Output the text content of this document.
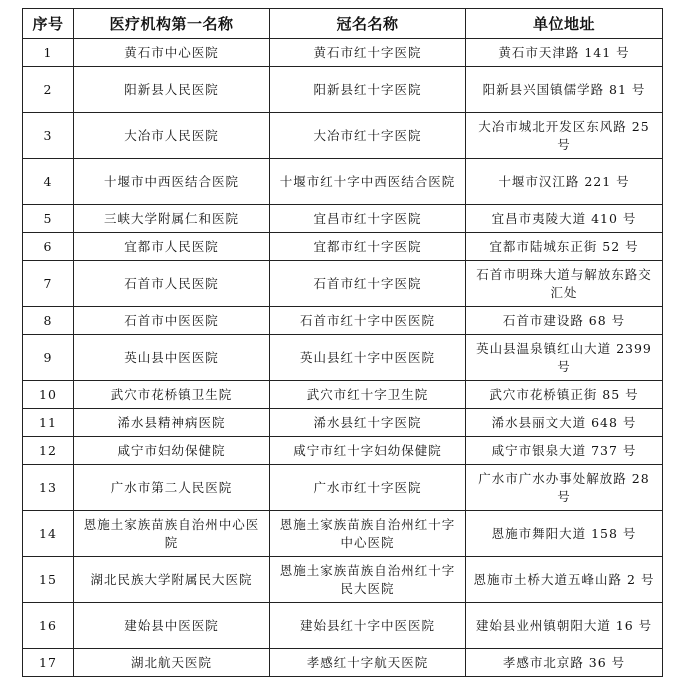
序号	医疗机构第一名称	冠名名称	单位地址
1	黄石市中心医院	黄石市红十字医院	黄石市天津路 141 号
2	阳新县人民医院	阳新县红十字医院	阳新县兴国镇儒学路 81 号
3	大冶市人民医院	大冶市红十字医院	大冶市城北开发区东风路 25 号
4	十堰市中西医结合医院	十堰市红十字中西医结合医院	十堰市汉江路 221 号
5	三峡大学附属仁和医院	宜昌市红十字医院	宜昌市夷陵大道 410 号
6	宜都市人民医院	宜都市红十字医院	宜都市陆城东正街 52 号
7	石首市人民医院	石首市红十字医院	石首市明珠大道与解放东路交汇处
8	石首市中医医院	石首市红十字中医医院	石首市建设路 68 号
9	英山县中医医院	英山县红十字中医医院	英山县温泉镇红山大道 2399 号
10	武穴市花桥镇卫生院	武穴市红十字卫生院	武穴市花桥镇正街 85 号
11	浠水县精神病医院	浠水县红十字医院	浠水县丽文大道 648 号
12	咸宁市妇幼保健院	咸宁市红十字妇幼保健院	咸宁市银泉大道 737 号
13	广水市第二人民医院	广水市红十字医院	广水市广水办事处解放路 28 号
14	恩施土家族苗族自治州中心医院	恩施土家族苗族自治州红十字中心医院	恩施市舞阳大道 158 号
15	湖北民族大学附属民大医院	恩施土家族苗族自治州红十字民大医院	恩施市土桥大道五峰山路 2 号
16	建始县中医医院	建始县红十字中医医院	建始县业州镇朝阳大道 16 号
17	湖北航天医院	孝感红十字航天医院	孝感市北京路 36 号
